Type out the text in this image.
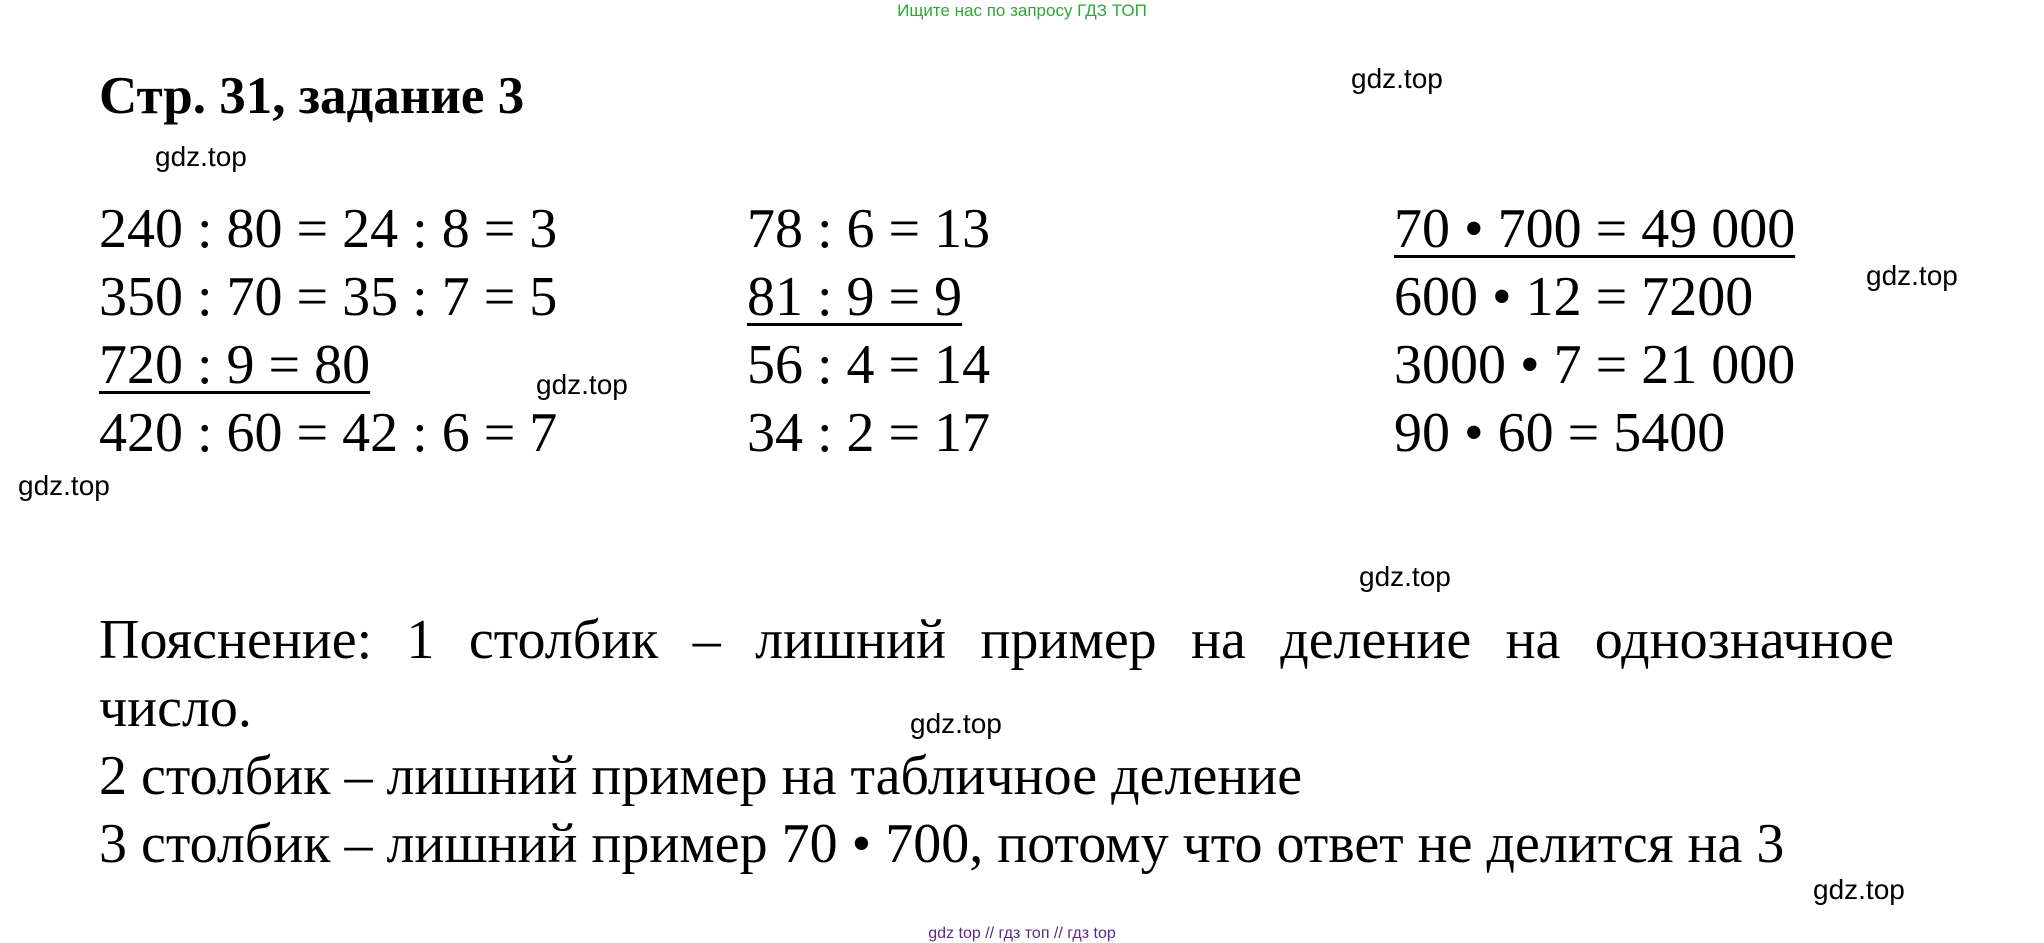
Ищите нас по запросу ГДЗ ТОП
Стр. 31, задание 3	gdz.top
gdz.top
gdz.top
gdz.top
gdz.top
gdz.top
gdz.top
gdz.top
240 : 80 = 24 : 8 = 3
350 : 70 = 35 : 7 = 5
720 : 9 = 80
420 : 60 = 42 : 6 = 7
78 : 6 = 13
81 : 9 = 9
56 : 4 = 14
34 : 2 = 17
70 • 700 = 49 000
600 • 12 = 7200
3000 • 7 = 21 000
90 • 60 = 5400
Пояснение: 1 столбик – лишний пример на деление на однозначное
число.
2 столбик – лишний пример на табличное деление
3 столбик – лишний пример 70 • 700, потому что ответ не делится на 3
gdz top // гдз топ // гдз top
